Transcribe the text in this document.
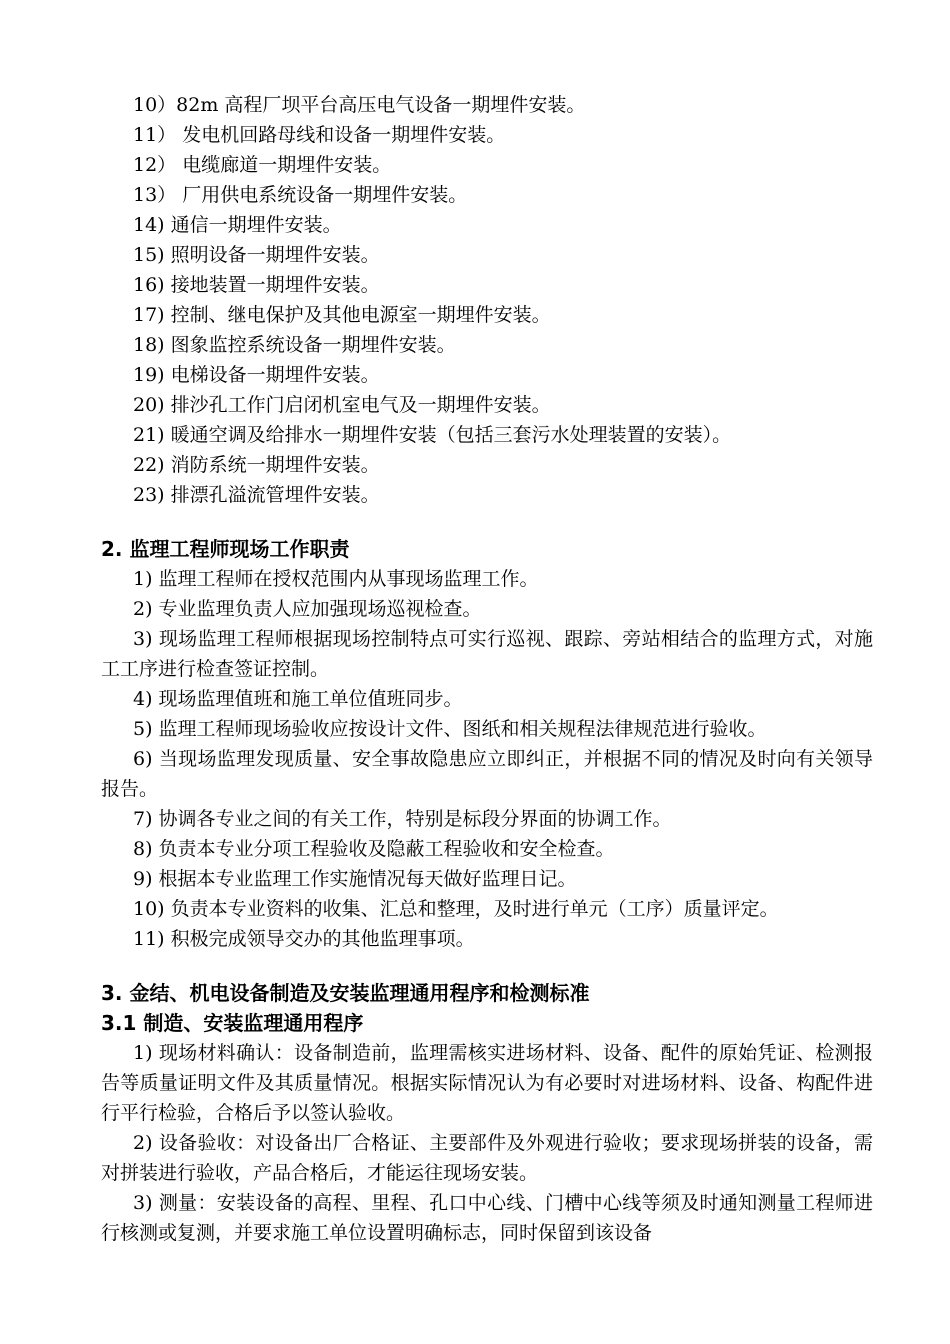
10）82m 高程厂坝平台高压电气设备一期埋件安装。
11） 发电机回路母线和设备一期埋件安装。
12） 电缆廊道一期埋件安装。
13） 厂用供电系统设备一期埋件安装。
14) 通信一期埋件安装。
15) 照明设备一期埋件安装。
16) 接地装置一期埋件安装。
17) 控制、继电保护及其他电源室一期埋件安装。
18) 图象监控系统设备一期埋件安装。
19) 电梯设备一期埋件安装。
20) 排沙孔工作门启闭机室电气及一期埋件安装。
21) 暖通空调及给排水一期埋件安装（包括三套污水处理装置的安装）。
22) 消防系统一期埋件安装。
23) 排漂孔溢流管埋件安装。
2. 监理工程师现场工作职责
1) 监理工程师在授权范围内从事现场监理工作。
2) 专业监理负责人应加强现场巡视检查。
3) 现场监理工程师根据现场控制特点可实行巡视、跟踪、旁站相结合的监理方式，对施工工序进行检查签证控制。
4) 现场监理值班和施工单位值班同步。
5) 监理工程师现场验收应按设计文件、图纸和相关规程法律规范进行验收。
6) 当现场监理发现质量、安全事故隐患应立即纠正，并根据不同的情况及时向有关领导报告。
7) 协调各专业之间的有关工作，特别是标段分界面的协调工作。
8) 负责本专业分项工程验收及隐蔽工程验收和安全检查。
9) 根据本专业监理工作实施情况每天做好监理日记。
10) 负责本专业资料的收集、汇总和整理，及时进行单元（工序）质量评定。
11) 积极完成领导交办的其他监理事项。
3. 金结、机电设备制造及安装监理通用程序和检测标准
3.1 制造、安装监理通用程序
1) 现场材料确认：设备制造前，监理需核实进场材料、设备、配件的原始凭证、检测报告等质量证明文件及其质量情况。根据实际情况认为有必要时对进场材料、设备、构配件进行平行检验，合格后予以签认验收。
2) 设备验收：对设备出厂合格证、主要部件及外观进行验收；要求现场拼装的设备，需对拼装进行验收，产品合格后，才能运往现场安装。
3) 测量：安装设备的高程、里程、孔口中心线、门槽中心线等须及时通知测量工程师进行核测或复测，并要求施工单位设置明确标志，同时保留到该设备
